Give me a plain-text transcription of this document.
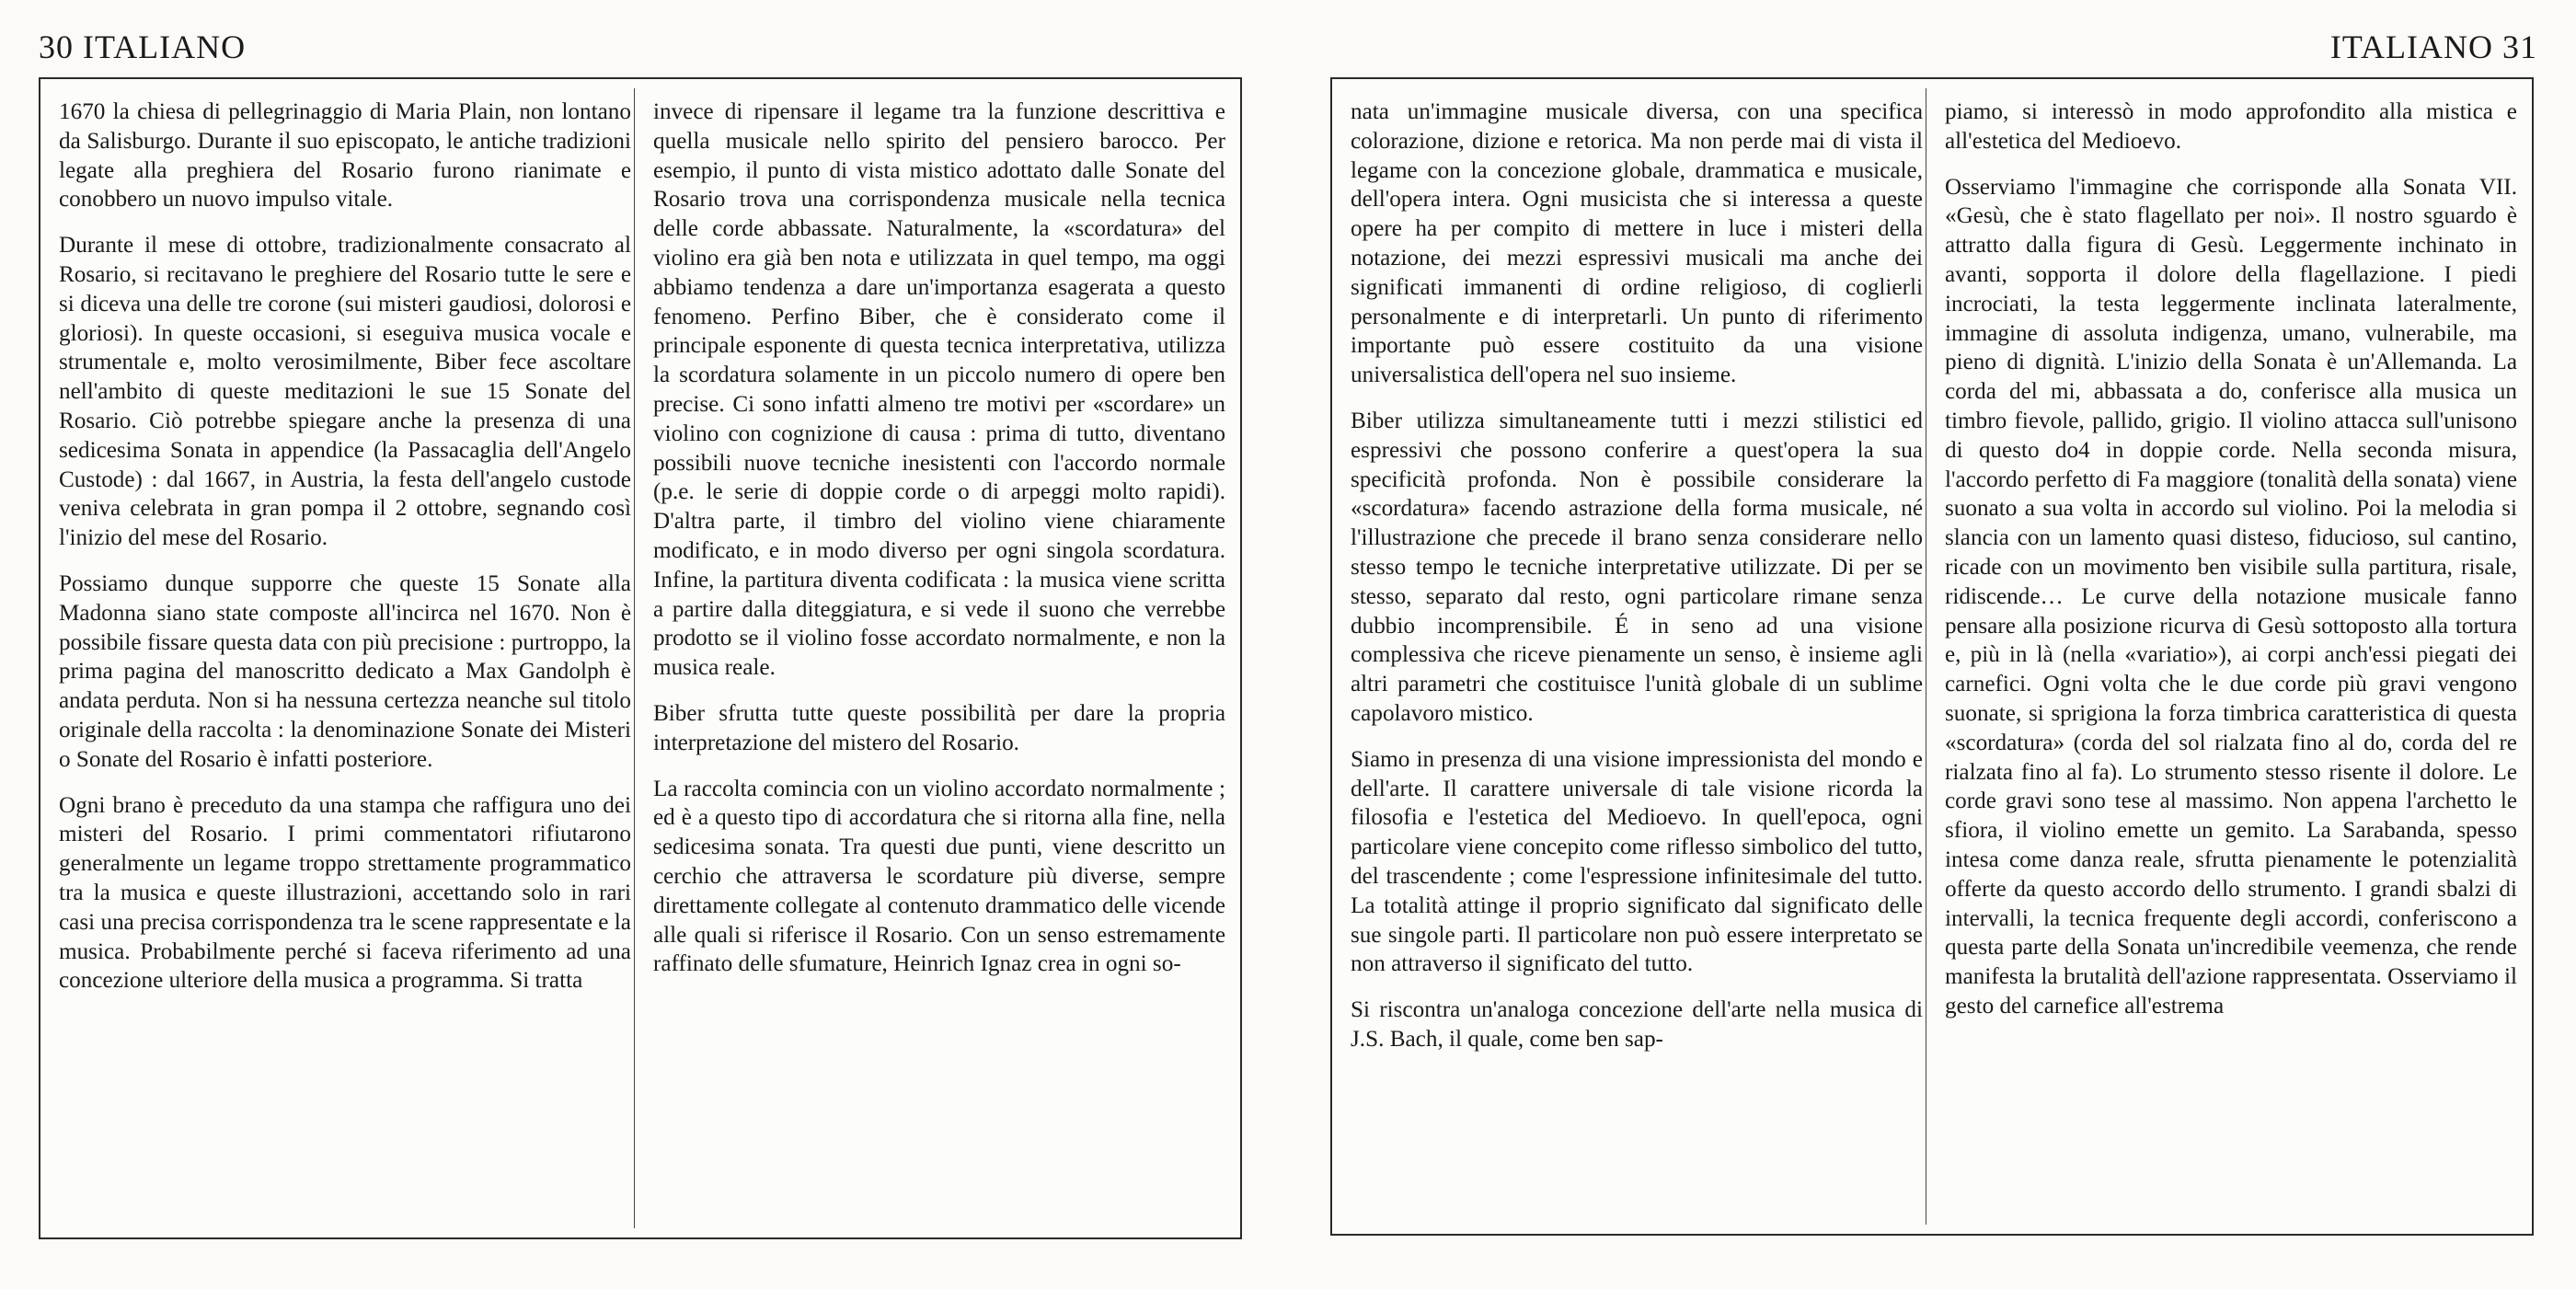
30 ITALIANO

1670 la chiesa di pellegrinaggio di Maria Plain, non lontano da Salisburgo. Durante il suo episcopato, le antiche tradizioni legate alla preghiera del Rosario furono rianimate e conobbero un nuovo impulso vitale.

Durante il mese di ottobre, tradizionalmente consacrato al Rosario, si recitavano le preghiere del Rosario tutte le sere e si diceva una delle tre corone (sui misteri gaudiosi, dolorosi e gloriosi). In queste occasioni, si eseguiva musica vocale e strumentale e, molto verosimilmente, Biber fece ascoltare nell'ambito di queste meditazioni le sue 15 Sonate del Rosario. Ciò potrebbe spiegare anche la presenza di una sedicesima Sonata in appendice (la Passacaglia dell'Angelo Custode) : dal 1667, in Austria, la festa dell'angelo custode veniva celebrata in gran pompa il 2 ottobre, segnando così l'inizio del mese del Rosario.

Possiamo dunque supporre che queste 15 Sonate alla Madonna siano state composte all'incirca nel 1670. Non è possibile fissare questa data con più precisione : purtroppo, la prima pagina del manoscritto dedicato a Max Gandolph è andata perduta. Non si ha nessuna certezza neanche sul titolo originale della raccolta : la denominazione Sonate dei Misteri o Sonate del Rosario è infatti posteriore.

Ogni brano è preceduto da una stampa che raffigura uno dei misteri del Rosario. I primi commentatori rifiutarono generalmente un legame troppo strettamente programmatico tra la musica e queste illustrazioni, accettando solo in rari casi una precisa corrispondenza tra le scene rappresentate e la musica. Probabilmente perché si faceva riferimento ad una concezione ulteriore della musica a programma. Si tratta

invece di ripensare il legame tra la funzione descrittiva e quella musicale nello spirito del pensiero barocco. Per esempio, il punto di vista mistico adottato dalle Sonate del Rosario trova una corrispondenza musicale nella tecnica delle corde abbassate. Naturalmente, la «scordatura» del violino era già ben nota e utilizzata in quel tempo, ma oggi abbiamo tendenza a dare un'importanza esagerata a questo fenomeno. Perfino Biber, che è considerato come il principale esponente di questa tecnica interpretativa, utilizza la scordatura solamente in un piccolo numero di opere ben precise. Ci sono infatti almeno tre motivi per «scordare» un violino con cognizione di causa : prima di tutto, diventano possibili nuove tecniche inesistenti con l'accordo normale (p.e. le serie di doppie corde o di arpeggi molto rapidi). D'altra parte, il timbro del violino viene chiaramente modificato, e in modo diverso per ogni singola scordatura. Infine, la partitura diventa codificata : la musica viene scritta a partire dalla diteggiatura, e si vede il suono che verrebbe prodotto se il violino fosse accordato normalmente, e non la musica reale.

Biber sfrutta tutte queste possibilità per dare la propria interpretazione del mistero del Rosario.

La raccolta comincia con un violino accordato normalmente ; ed è a questo tipo di accordatura che si ritorna alla fine, nella sedicesima sonata. Tra questi due punti, viene descritto un cerchio che attraversa le scordature più diverse, sempre direttamente collegate al contenuto drammatico delle vicende alle quali si riferisce il Rosario. Con un senso estremamente raffinato delle sfumature, Heinrich Ignaz crea in ogni so-

ITALIANO 31

nata un'immagine musicale diversa, con una specifica colorazione, dizione e retorica. Ma non perde mai di vista il legame con la concezione globale, drammatica e musicale, dell'opera intera. Ogni musicista che si interessa a queste opere ha per compito di mettere in luce i misteri della notazione, dei mezzi espressivi musicali ma anche dei significati immanenti di ordine religioso, di coglierli personalmente e di interpretarli. Un punto di riferimento importante può essere costituito da una visione universalistica dell'opera nel suo insieme.

Biber utilizza simultaneamente tutti i mezzi stilistici ed espressivi che possono conferire a quest'opera la sua specificità profonda. Non è possibile considerare la «scordatura» facendo astrazione della forma musicale, né l'illustrazione che precede il brano senza considerare nello stesso tempo le tecniche interpretative utilizzate. Di per se stesso, separato dal resto, ogni particolare rimane senza dubbio incomprensibile. É in seno ad una visione complessiva che riceve pienamente un senso, è insieme agli altri parametri che costituisce l'unità globale di un sublime capolavoro mistico.

Siamo in presenza di una visione impressionista del mondo e dell'arte. Il carattere universale di tale visione ricorda la filosofia e l'estetica del Medioevo. In quell'epoca, ogni particolare viene concepito come riflesso simbolico del tutto, del trascendente ; come l'espressione infinitesimale del tutto. La totalità attinge il proprio significato dal significato delle sue singole parti. Il particolare non può essere interpretato se non attraverso il significato del tutto.

Si riscontra un'analoga concezione dell'arte nella musica di J.S. Bach, il quale, come ben sap-

piamo, si interessò in modo approfondito alla mistica e all'estetica del Medioevo.

Osserviamo l'immagine che corrisponde alla Sonata VII. «Gesù, che è stato flagellato per noi». Il nostro sguardo è attratto dalla figura di Gesù. Leggermente inchinato in avanti, sopporta il dolore della flagellazione. I piedi incrociati, la testa leggermente inclinata lateralmente, immagine di assoluta indigenza, umano, vulnerabile, ma pieno di dignità. L'inizio della Sonata è un'Allemanda. La corda del mi, abbassata a do, conferisce alla musica un timbro fievole, pallido, grigio. Il violino attacca sull'unisono di questo do4 in doppie corde. Nella seconda misura, l'accordo perfetto di Fa maggiore (tonalità della sonata) viene suonato a sua volta in accordo sul violino. Poi la melodia si slancia con un lamento quasi disteso, fiducioso, sul cantino, ricade con un movimento ben visibile sulla partitura, risale, ridiscende… Le curve della notazione musicale fanno pensare alla posizione ricurva di Gesù sottoposto alla tortura e, più in là (nella «variatio»), ai corpi anch'essi piegati dei carnefici. Ogni volta che le due corde più gravi vengono suonate, si sprigiona la forza timbrica caratteristica di questa «scordatura» (corda del sol rialzata fino al do, corda del re rialzata fino al fa). Lo strumento stesso risente il dolore. Le corde gravi sono tese al massimo. Non appena l'archetto le sfiora, il violino emette un gemito. La Sarabanda, spesso intesa come danza reale, sfrutta pienamente le potenzialità offerte da questo accordo dello strumento. I grandi sbalzi di intervalli, la tecnica frequente degli accordi, conferiscono a questa parte della Sonata un'incredibile veemenza, che rende manifesta la brutalità dell'azione rappresentata. Osserviamo il gesto del carnefice all'estrema
